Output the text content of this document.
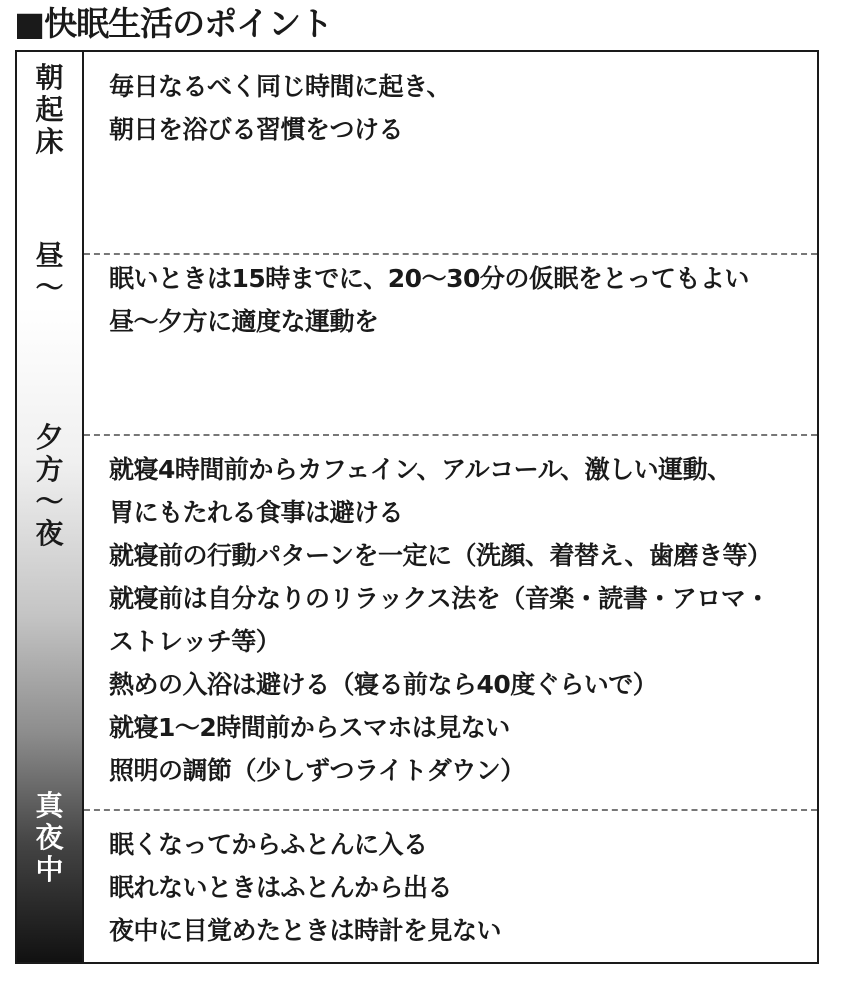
■快眠生活のポイント
朝
起
床
昼
〜
夕
方
〜
夜
真
夜
中
毎日なるべく同じ時間に起き、
朝日を浴びる習慣をつける
眠いときは15時までに、20〜30分の仮眠をとってもよい
昼〜夕方に適度な運動を
就寝4時間前からカフェイン、アルコール、激しい運動、
胃にもたれる食事は避ける
就寝前の行動パターンを一定に（洗顔、着替え、歯磨き等）
就寝前は自分なりのリラックス法を（音楽・読書・アロマ・
ストレッチ等）
熱めの入浴は避ける（寝る前なら40度ぐらいで）
就寝1〜2時間前からスマホは見ない
照明の調節（少しずつライトダウン）
眠くなってからふとんに入る
眠れないときはふとんから出る
夜中に目覚めたときは時計を見ない
